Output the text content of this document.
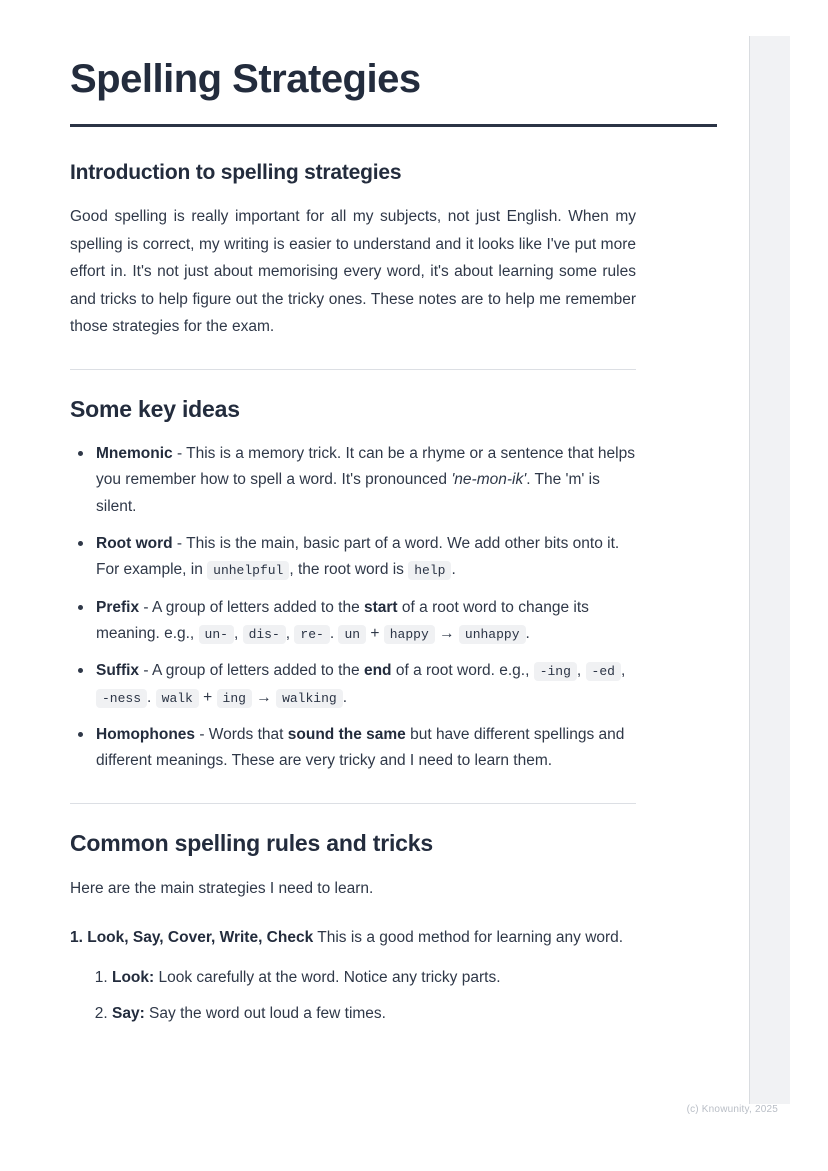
Spelling Strategies
Introduction to spelling strategies

Good spelling is really important for all my subjects, not just English. When my spelling is correct, my writing is easier to understand and it looks like I've put more effort in. It's not just about memorising every word, it's about learning some rules and tricks to help figure out the tricky ones. These notes are to help me remember those strategies for the exam.

Some key ideas
Mnemonic - This is a memory trick. It can be a rhyme or a sentence that helps you remember how to spell a word. It's pronounced 'ne-mon-ik'. The 'm' is silent.
Root word - This is the main, basic part of a word. We add other bits onto it. For example, in unhelpful , the root word is help .
Prefix - A group of letters added to the start of a root word to change its meaning. e.g., un- , dis- , re- . un + happy → unhappy .
Suffix - A group of letters added to the end of a root word. e.g., -ing , -ed , -ness . walk + ing → walking .
Homophones - Words that sound the same but have different spellings and different meanings. These are very tricky and I need to learn them.
Common spelling rules and tricks

Here are the main strategies I need to learn.

1. Look, Say, Cover, Write, Check This is a good method for learning any word.

1. Look: Look carefully at the word. Notice any tricky parts.
2. Say: Say the word out loud a few times.
(c) Knowunity, 2025
